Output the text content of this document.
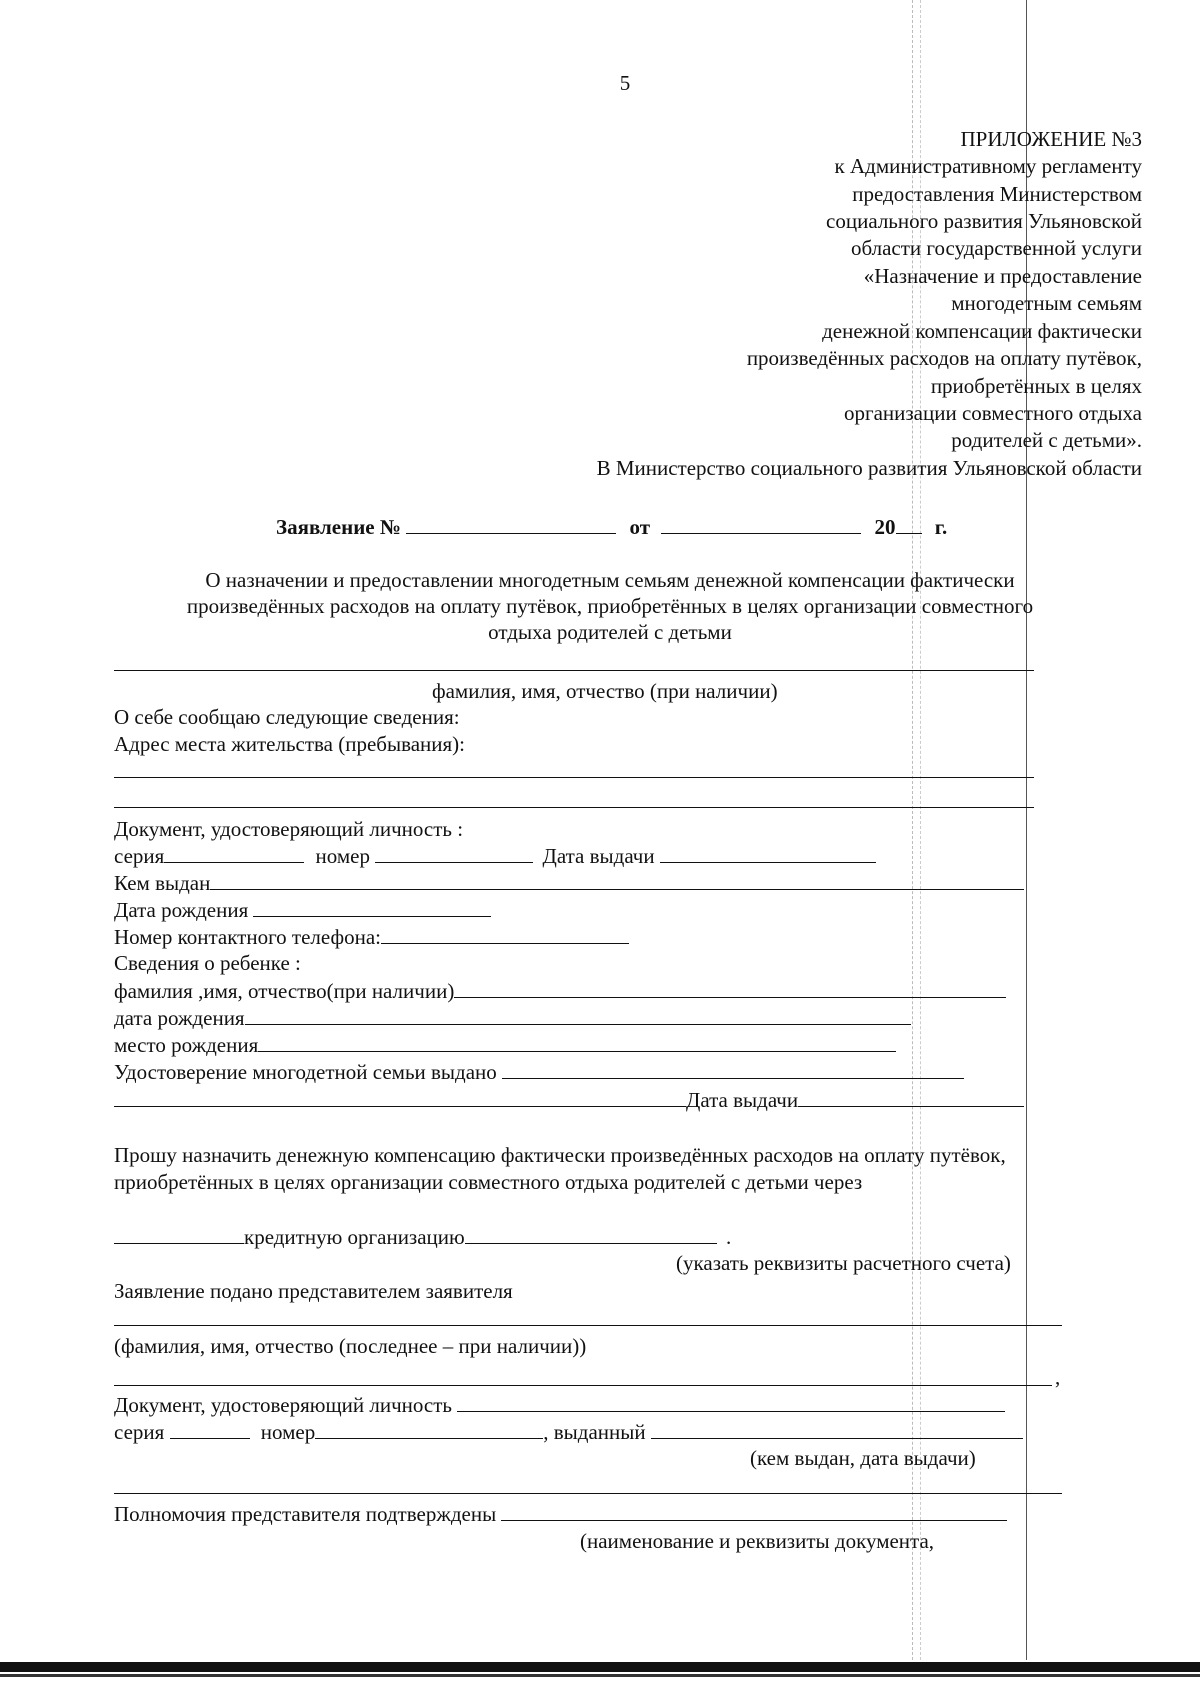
5
ПРИЛОЖЕНИЕ №3
к Административному регламенту
предоставления Министерством
социального развития Ульяновской
области государственной услуги
«Назначение и предоставление
многодетным семьям
денежной компенсации фактически
произведённых расходов на оплату путёвок,
приобретённых в целях
организации совместного отдыха
родителей с детьми».
В Министерство социального развития Ульяновской области
Заявление №	от	20 г.
О назначении и предоставлении многодетным семьям денежной компенсации фактически
произведённых расходов на оплату путёвок, приобретённых в целях организации совместного
отдыха родителей с детьми
фамилия, имя, отчество (при наличии)
О себе сообщаю следующие сведения:
Адрес места жительства (пребывания):
Документ, удостоверяющий личность :
серия	номер	Дата выдачи
Кем выдан
Дата рождения
Номер контактного телефона:
Сведения о ребенке :
фамилия ,имя, отчество(при наличии)
дата рождения
место рождения
Удостоверение многодетной семьи выдано
Дата выдачи
Прошу назначить денежную компенсацию фактически произведённых расходов на оплату путёвок,
приобретённых в целях организации совместного отдыха родителей с детьми через
кредитную организацию	.
(указать реквизиты расчетного счета)
Заявление подано представителем заявителя
(фамилия, имя, отчество (последнее – при наличии))
,
Документ, удостоверяющий личность
серия	номер	, выданный
(кем выдан, дата выдачи)
Полномочия представителя подтверждены
(наименование и реквизиты документа,
